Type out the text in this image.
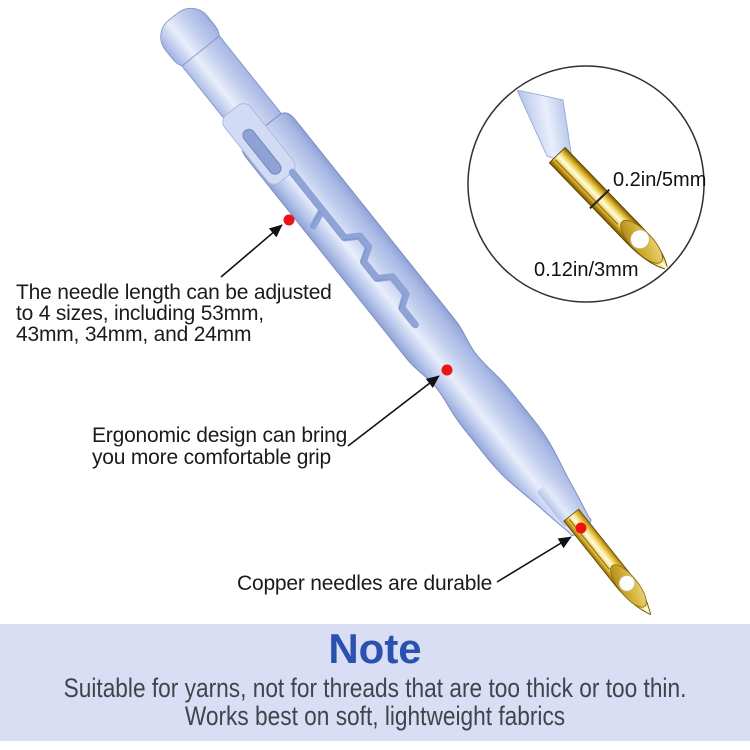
0.2in/5mm
0.12in/3mm
The needle length can be adjusted
to 4 sizes, including 53mm,
43mm, 34mm, and 24mm
Ergonomic design can bring
you more comfortable grip
Copper needles are durable
Note
Suitable for yarns, not for threads that are too thick or too thin.
Works best on soft, lightweight fabrics
